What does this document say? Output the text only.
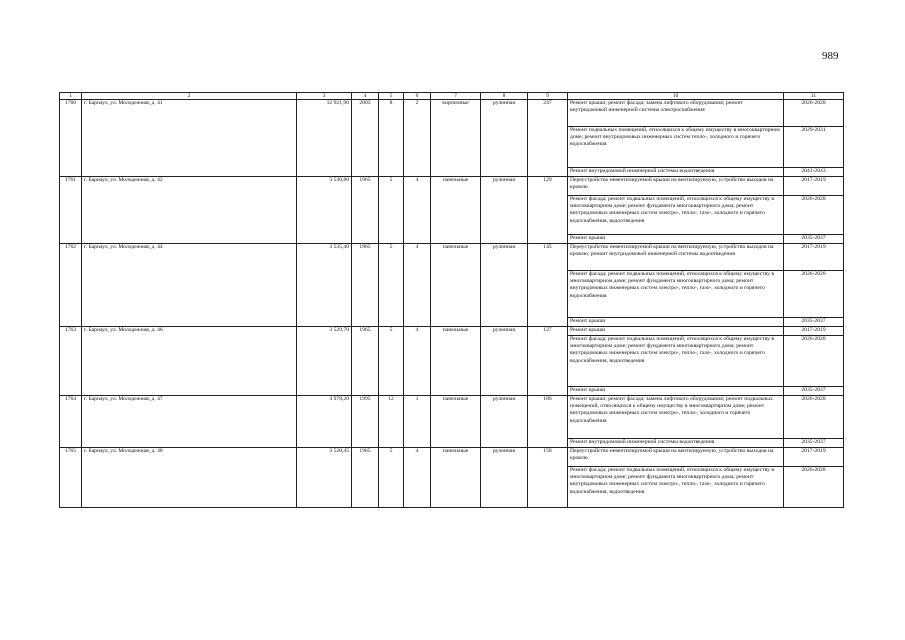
989
1	2	3	4	5	6	7	8	9	10	11
1760	г. Барнаул, ул. Молодежная, д. 41	12 921,90	2003	8	2	кирпичные	рулонная	247	Ремонт крыши; ремонт фасада; замена лифтового оборудования; ремонт внутридомовой инженерной системы электроснабжения	2026-2028
									Ремонт подвальных помещений, относящихся к общему имуществу в многоквартирном доме; ремонт внутридомовых инженерных систем тепло-, холодного и горячего водоснабжения	2029-2031
									Ремонт внутридомовой инженерной системы водоотведения	2041-2043
1761	г. Барнаул, ул. Молодежная, д. 42	3 530,80	1965	5	4	панельные	рулонная	129	Переустройство невентилируемой крыши на вентилируемую, устройство выходов на кровлю	2017-2019
									Ремонт фасада; ремонт подвальных помещений, относящихся к общему имуществу в многоквартирном доме; ремонт фундамента многоквартирного дома; ремонт внутридомовых инженерных систем электро-, тепло-, газо-, холодного и горячего водоснабжения, водоотведения	2026-2028
									Ремонт крыши	2035-2037
1762	г. Барнаул, ул. Молодежная, д. 44	3 535,40	1965	5	4	панельные	рулонная	145	Переустройство невентилируемой крыши на вентилируемую, устройство выходов на кровлю; ремонт внутридомовой инженерной системы водоотведения	2017-2019
									Ремонт фасада; ремонт подвальных помещений, относящихся к общему имуществу в многоквартирном доме; ремонт фундамента многоквартирного дома; ремонт внутридомовых инженерных систем электро-, тепло-, газо-, холодного и горячего водоснабжения	2026-2028
									Ремонт крыши	2035-2037
1763	г. Барнаул, ул. Молодежная, д. 46	3 529,70	1965	5	4	панельные	рулонная	127	Ремонт крыши	2017-2019
									Ремонт фасада; ремонт подвальных помещений, относящихся к общему имуществу в многоквартирном доме; ремонт фундамента многоквартирного дома; ремонт внутридомовых инженерных систем электро-, тепло-, газо-, холодного и горячего водоснабжения, водоотведения	2026-2028
									Ремонт крыши	2035-2037
1764	г. Барнаул, ул. Молодежная, д. 47	4 978,20	1995	12	1	панельные	рулонная	186	Ремонт крыши; ремонт фасада; замена лифтового оборудования; ремонт подвальных помещений, относящихся к общему имуществу в многоквартирном доме; ремонт внутридомовых инженерных систем электро-, тепло-, холодного и горячего водоснабжения	2026-2028
									Ремонт внутридомовой инженерной системы водоотведения	2035-2037
1765	г. Барнаул, ул. Молодежная, д. 48	3 520,45	1965	5	4	панельные	рулонная	158	Переустройство невентилируемой крыши на вентилируемую, устройство выходов на кровлю	2017-2019
									Ремонт фасада; ремонт подвальных помещений, относящихся к общему имуществу в многоквартирном доме; ремонт фундамента многоквартирного дома; ремонт внутридомовых инженерных систем электро-, тепло-, газо-, холодного и горячего водоснабжения, водоотведения	2026-2028
